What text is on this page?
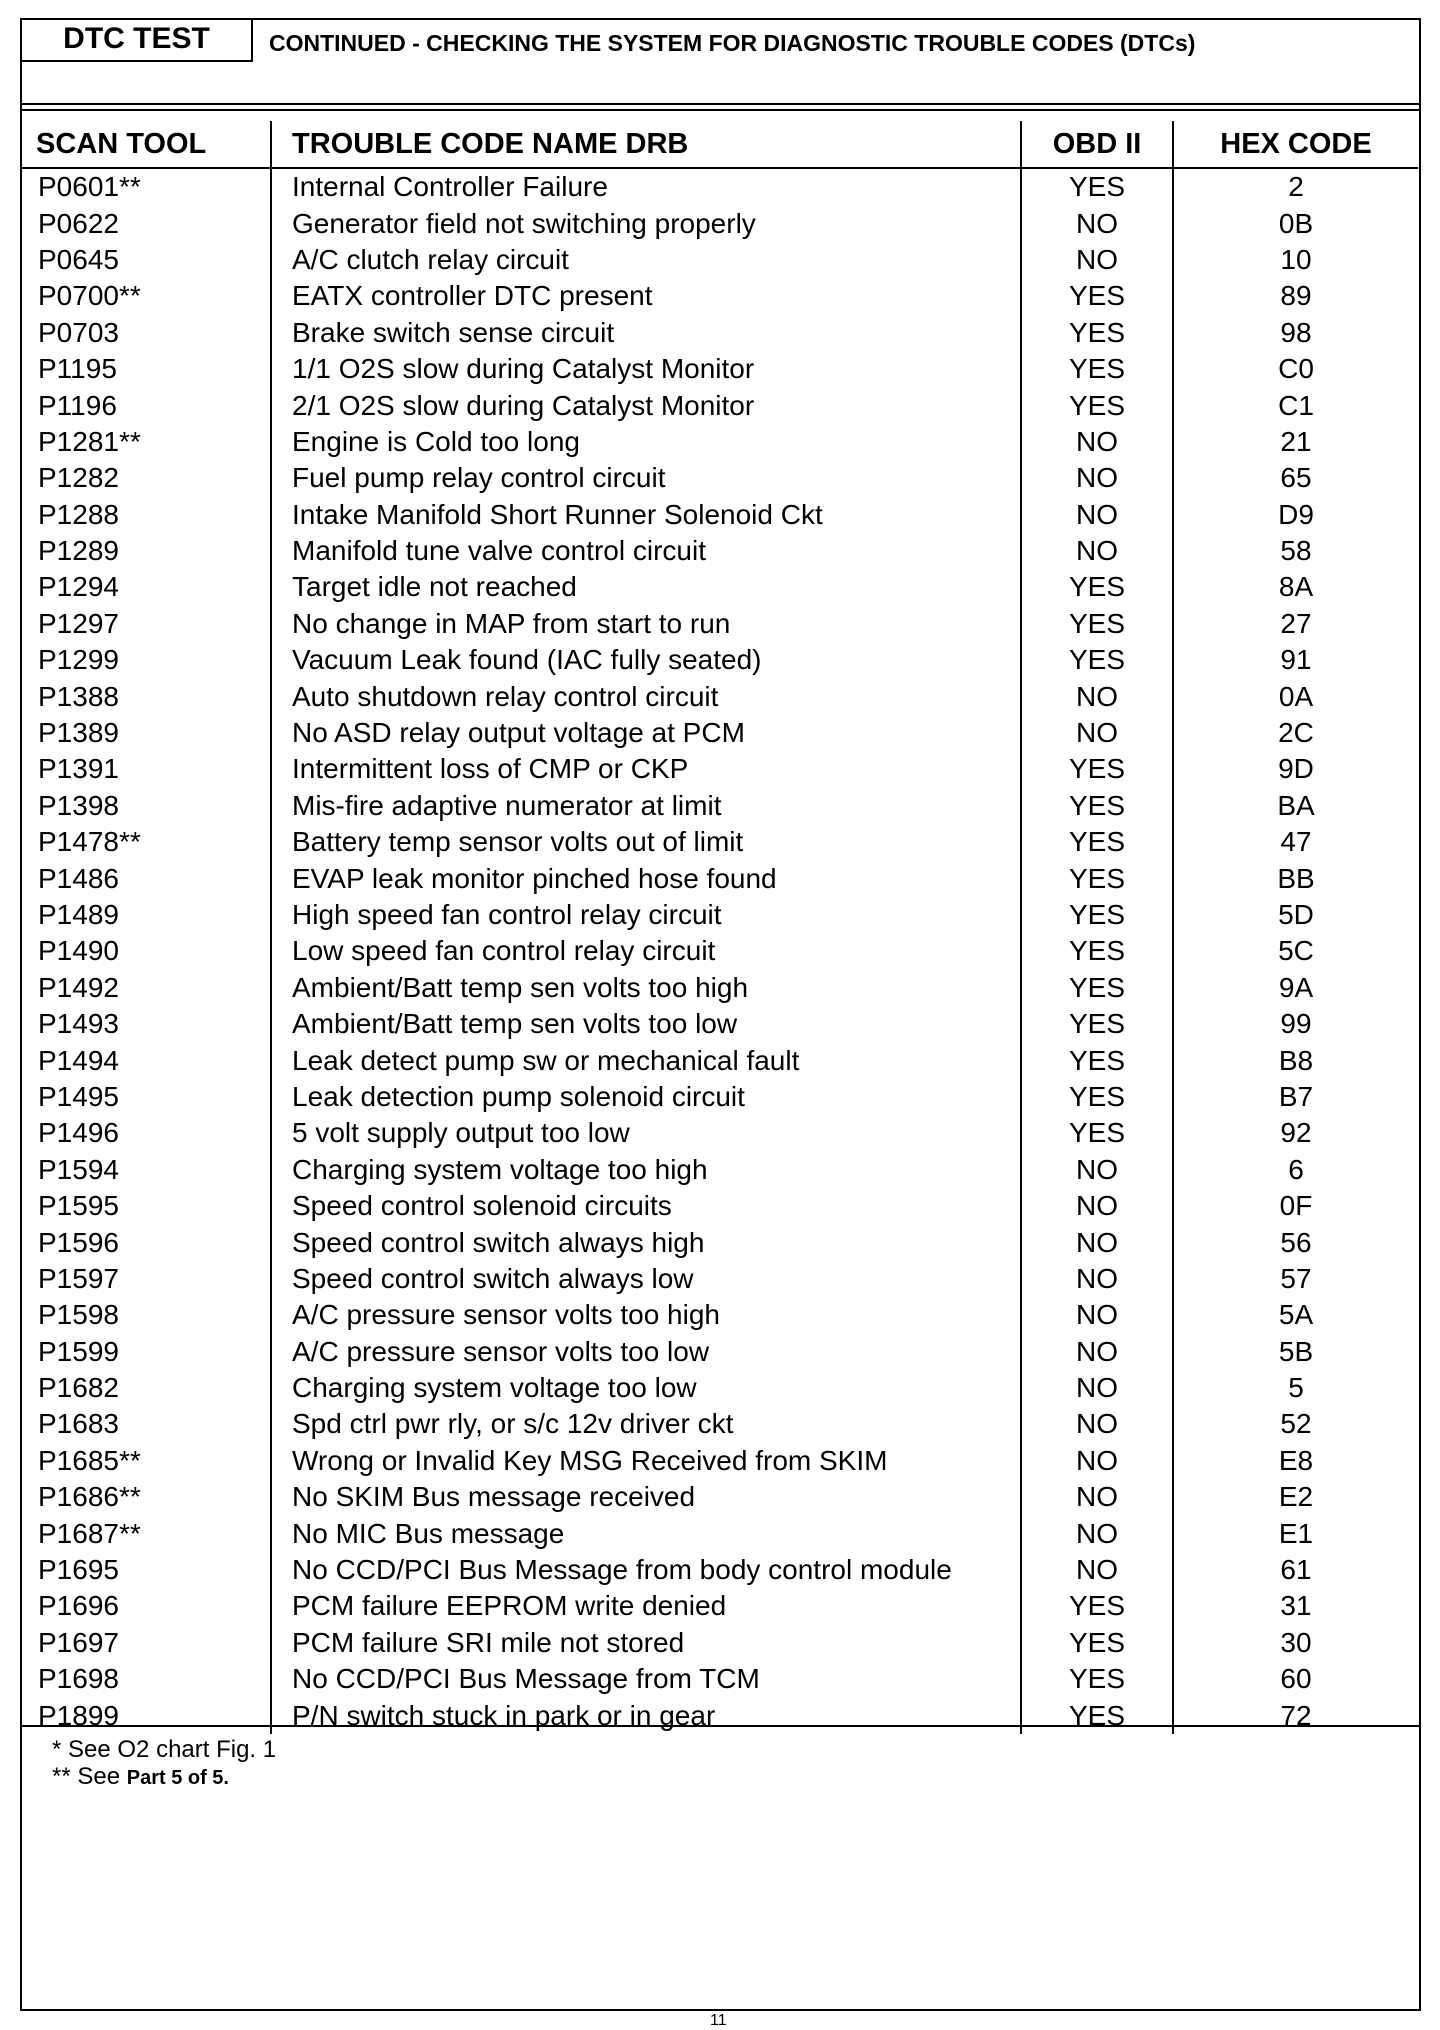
DTC TEST	CONTINUED - CHECKING THE SYSTEM FOR DIAGNOSTIC TROUBLE CODES (DTCs)
SCAN TOOL	TROUBLE CODE NAME DRB	OBD II	HEX CODE
P0601**	Internal Controller Failure	YES	2
P0622	Generator field not switching properly	NO	0B
P0645	A/C clutch relay circuit	NO	10
P0700**	EATX controller DTC present	YES	89
P0703	Brake switch sense circuit	YES	98
P1195	1/1 O2S slow during Catalyst Monitor	YES	C0
P1196	2/1 O2S slow during Catalyst Monitor	YES	C1
P1281**	Engine is Cold too long	NO	21
P1282	Fuel pump relay control circuit	NO	65
P1288	Intake Manifold Short Runner Solenoid Ckt	NO	D9
P1289	Manifold tune valve control circuit	NO	58
P1294	Target idle not reached	YES	8A
P1297	No change in MAP from start to run	YES	27
P1299	Vacuum Leak found (IAC fully seated)	YES	91
P1388	Auto shutdown relay control circuit	NO	0A
P1389	No ASD relay output voltage at PCM	NO	2C
P1391	Intermittent loss of CMP or CKP	YES	9D
P1398	Mis-fire adaptive numerator at limit	YES	BA
P1478**	Battery temp sensor volts out of limit	YES	47
P1486	EVAP leak monitor pinched hose found	YES	BB
P1489	High speed fan control relay circuit	YES	5D
P1490	Low speed fan control relay circuit	YES	5C
P1492	Ambient/Batt temp sen volts too high	YES	9A
P1493	Ambient/Batt temp sen volts too low	YES	99
P1494	Leak detect pump sw or mechanical fault	YES	B8
P1495	Leak detection pump solenoid circuit	YES	B7
P1496	5 volt supply output too low	YES	92
P1594	Charging system voltage too high	NO	6
P1595	Speed control solenoid circuits	NO	0F
P1596	Speed control switch always high	NO	56
P1597	Speed control switch always low	NO	57
P1598	A/C pressure sensor volts too high	NO	5A
P1599	A/C pressure sensor volts too low	NO	5B
P1682	Charging system voltage too low	NO	5
P1683	Spd ctrl pwr rly, or s/c 12v driver ckt	NO	52
P1685**	Wrong or Invalid Key MSG Received from SKIM	NO	E8
P1686**	No SKIM Bus message received	NO	E2
P1687**	No MIC Bus message	NO	E1
P1695	No CCD/PCI Bus Message from body control module	NO	61
P1696	PCM failure EEPROM write denied	YES	31
P1697	PCM failure SRI mile not stored	YES	30
P1698	No CCD/PCI Bus Message from TCM	YES	60
P1899	P/N switch stuck in park or in gear	YES	72
* See O2 chart Fig. 1
** See Part 5 of 5.
11
